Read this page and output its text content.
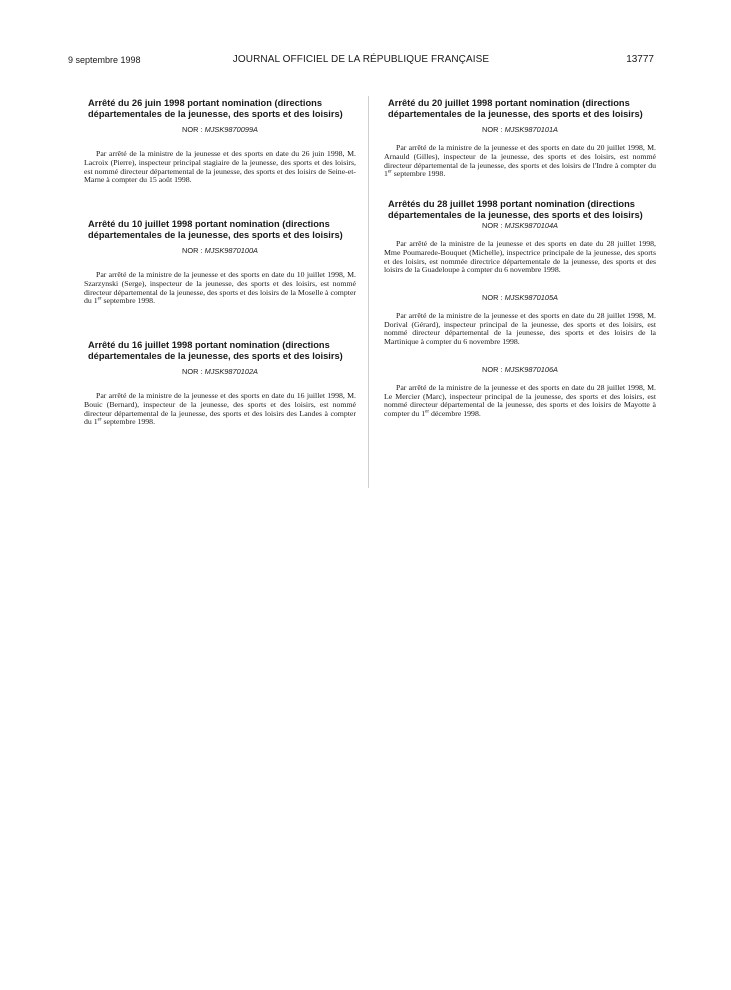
9 septembre 1998	JOURNAL OFFICIEL DE LA RÉPUBLIQUE FRANÇAISE	13777

Arrêté du 26 juin 1998 portant nomination (directions départementales de la jeunesse, des sports et des loisirs)

NOR : MJSK9870099A

Par arrêté de la ministre de la jeunesse et des sports en date du 26 juin 1998, M. Lacroix (Pierre), inspecteur principal stagiaire de la jeunesse, des sports et des loisirs, est nommé directeur départemental de la jeunesse, des sports et des loisirs de Seine-et-Marne à compter du 15 août 1998.

Arrêté du 10 juillet 1998 portant nomination (directions départementales de la jeunesse, des sports et des loisirs)

NOR : MJSK9870100A

Par arrêté de la ministre de la jeunesse et des sports en date du 10 juillet 1998, M. Szarzynski (Serge), inspecteur de la jeunesse, des sports et des loisirs, est nommé directeur départemental de la jeunesse, des sports et des loisirs de la Moselle à compter du 1er septembre 1998.

Arrêté du 16 juillet 1998 portant nomination (directions départementales de la jeunesse, des sports et des loisirs)

NOR : MJSK9870102A

Par arrêté de la ministre de la jeunesse et des sports en date du 16 juillet 1998, M. Bouic (Bernard), inspecteur de la jeunesse, des sports et des loisirs, est nommé directeur départemental de la jeunesse, des sports et des loisirs des Landes à compter du 1er septembre 1998.

Arrêté du 20 juillet 1998 portant nomination (directions départementales de la jeunesse, des sports et des loisirs)

NOR : MJSK9870101A

Par arrêté de la ministre de la jeunesse et des sports en date du 20 juillet 1998, M. Arnauld (Gilles), inspecteur de la jeunesse, des sports et des loisirs, est nommé directeur départemental de la jeunesse, des sports et des loisirs de l'Indre à compter du 1er septembre 1998.

Arrêtés du 28 juillet 1998 portant nomination (directions départementales de la jeunesse, des sports et des loisirs)

NOR : MJSK9870104A

Par arrêté de la ministre de la jeunesse et des sports en date du 28 juillet 1998, Mme Poumarede-Bouquet (Michelle), inspectrice principale de la jeunesse, des sports et des loisirs, est nommée directrice départementale de la jeunesse, des sports et des loisirs de la Guadeloupe à compter du 6 novembre 1998.

NOR : MJSK9870105A

Par arrêté de la ministre de la jeunesse et des sports en date du 28 juillet 1998, M. Dorival (Gérard), inspecteur principal de la jeunesse, des sports et des loisirs, est nommé directeur départemental de la jeunesse, des sports et des loisirs de la Martinique à compter du 6 novembre 1998.

NOR : MJSK9870106A

Par arrêté de la ministre de la jeunesse et des sports en date du 28 juillet 1998, M. Le Mercier (Marc), inspecteur principal de la jeunesse, des sports et des loisirs, est nommé directeur départemental de la jeunesse, des sports et des loisirs de Mayotte à compter du 1er décembre 1998.
